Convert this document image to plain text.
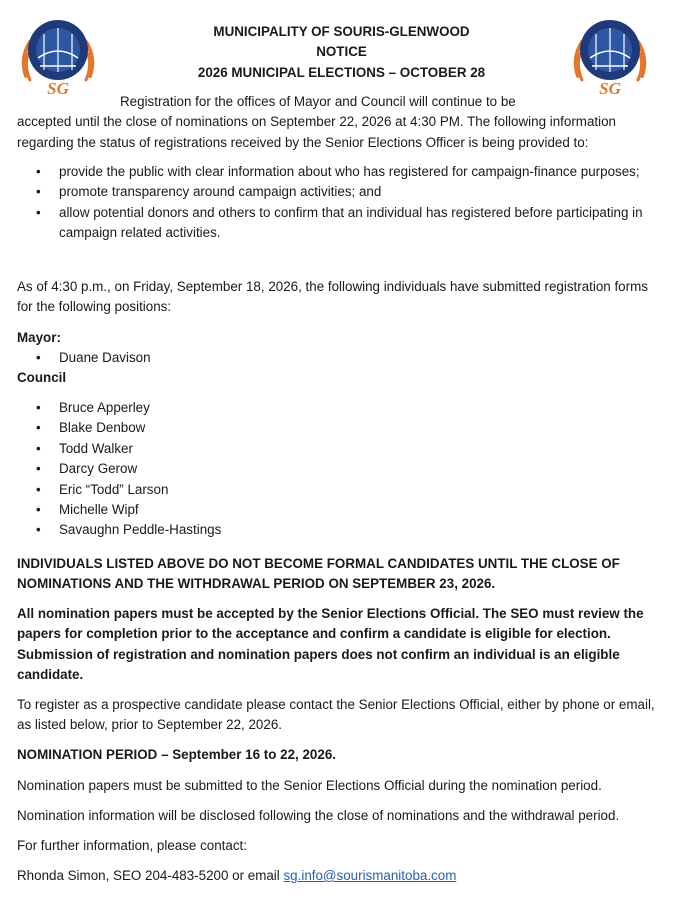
SG	SG
MUNICIPALITY OF SOURIS-GLENWOOD
NOTICE
2026 MUNICIPAL ELECTIONS – OCTOBER 28
Registration for the offices of Mayor and Council will continue to be
accepted until the close of nominations on September 22, 2026 at 4:30 PM. The following information regarding the status of registrations received by the Senior Elections Officer is being provided to:
• provide the public with clear information about who has registered for campaign-finance purposes;
• promote transparency around campaign activities; and
• allow potential donors and others to confirm that an individual has registered before participating in campaign related activities.

As of 4:30 p.m., on Friday, September 18, 2026, the following individuals have submitted registration forms for the following positions:

Mayor:
• Duane Davison
Council
• Bruce Apperley
• Blake Denbow
• Todd Walker
• Darcy Gerow
• Eric “Todd” Larson
• Michelle Wipf
• Savaughn Peddle-Hastings

INDIVIDUALS LISTED ABOVE DO NOT BECOME FORMAL CANDIDATES UNTIL THE CLOSE OF NOMINATIONS AND THE WITHDRAWAL PERIOD ON SEPTEMBER 23, 2026.

All nomination papers must be accepted by the Senior Elections Official. The SEO must review the papers for completion prior to the acceptance and confirm a candidate is eligible for election. Submission of registration and nomination papers does not confirm an individual is an eligible candidate.

To register as a prospective candidate please contact the Senior Elections Official, either by phone or email, as listed below, prior to September 22, 2026.

NOMINATION PERIOD – September 16 to 22, 2026.

Nomination papers must be submitted to the Senior Elections Official during the nomination period.

Nomination information will be disclosed following the close of nominations and the withdrawal period.

For further information, please contact:

Rhonda Simon, SEO 204-483-5200 or email sg.info@sourismanitoba.com
